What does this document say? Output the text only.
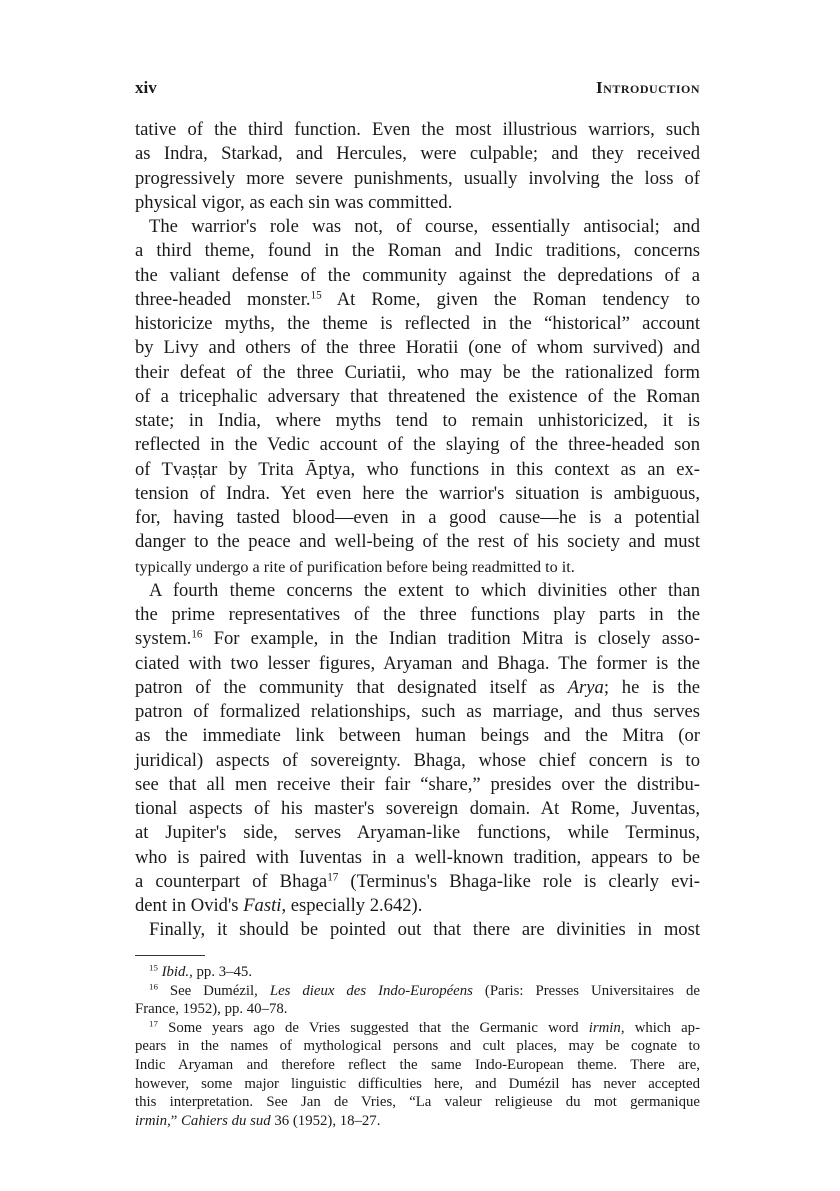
xiv	Introduction
tative of the third function. Even the most illustrious warriors, such
as Indra, Starkad, and Hercules, were culpable; and they received
progressively more severe punishments, usually involving the loss of
physical vigor, as each sin was committed.
The warrior's role was not, of course, essentially antisocial; and
a third theme, found in the Roman and Indic traditions, concerns
the valiant defense of the community against the depredations of a
three-headed monster.$^{15}$ At Rome, given the Roman tendency to
historicize myths, the theme is reflected in the “historical” account
by Livy and others of the three Horatii (one of whom survived) and
their defeat of the three Curiatii, who may be the rationalized form
of a tricephalic adversary that threatened the existence of the Roman
state; in India, where myths tend to remain unhistoricized, it is
reflected in the Vedic account of the slaying of the three-headed son
of Tvaṣṭar by Trita Āptya, who functions in this context as an ex-
tension of Indra. Yet even here the warrior's situation is ambiguous,
for, having tasted blood—even in a good cause—he is a potential
danger to the peace and well-being of the rest of his society and must
typically undergo a rite of purification before being readmitted to it.
A fourth theme concerns the extent to which divinities other than
the prime representatives of the three functions play parts in the
system.$^{16}$ For example, in the Indian tradition Mitra is closely asso-
ciated with two lesser figures, Aryaman and Bhaga. The former is the
patron of the community that designated itself as Arya; he is the
patron of formalized relationships, such as marriage, and thus serves
as the immediate link between human beings and the Mitra (or
juridical) aspects of sovereignty. Bhaga, whose chief concern is to
see that all men receive their fair “share,” presides over the distribu-
tional aspects of his master's sovereign domain. At Rome, Juventas,
at Jupiter's side, serves Aryaman-like functions, while Terminus,
who is paired with Iuventas in a well-known tradition, appears to be
a counterpart of Bhaga$^{17}$ (Terminus's Bhaga-like role is clearly evi-
dent in Ovid's Fasti, especially 2.642).
Finally, it should be pointed out that there are divinities in most
$^{15}$ Ibid., pp. 3–45.
$^{16}$ See Dumézil, Les dieux des Indo-Européens (Paris: Presses Universitaires de
France, 1952), pp. 40–78.
$^{17}$ Some years ago de Vries suggested that the Germanic word irmin, which ap-
pears in the names of mythological persons and cult places, may be cognate to
Indic Aryaman and therefore reflect the same Indo-European theme. There are,
however, some major linguistic difficulties here, and Dumézil has never accepted
this interpretation. See Jan de Vries, “La valeur religieuse du mot germanique
irmin,” Cahiers du sud 36 (1952), 18–27.
